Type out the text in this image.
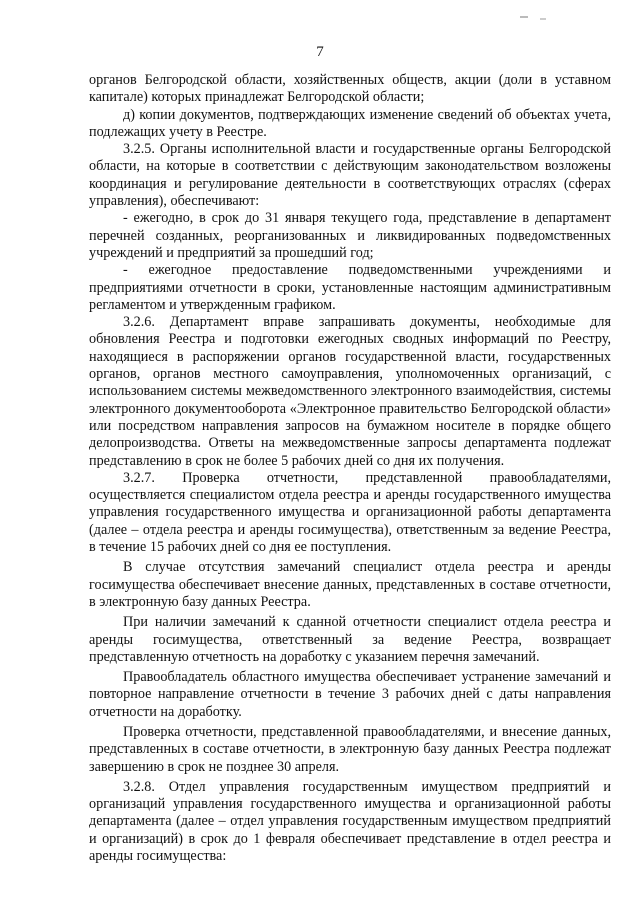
7

органов Белгородской области, хозяйственных обществ, акции (доли в уставном капитале) которых принадлежат Белгородской области;

д) копии документов, подтверждающих изменение сведений об объектах учета, подлежащих учету в Реестре.

3.2.5. Органы исполнительной власти и государственные органы Белгородской области, на которые в соответствии с действующим законодательством возложены координация и регулирование деятельности в соответствующих отраслях (сферах управления), обеспечивают:

- ежегодно, в срок до 31 января текущего года, представление в департамент перечней созданных, реорганизованных и ликвидированных подведомственных учреждений и предприятий за прошедший год;

- ежегодное предоставление подведомственными учреждениями и предприятиями отчетности в сроки, установленные настоящим административным регламентом и утвержденным графиком.

3.2.6. Департамент вправе запрашивать документы, необходимые для обновления Реестра и подготовки ежегодных сводных информаций по Реестру, находящиеся в распоряжении органов государственной власти, государственных органов, органов местного самоуправления, уполномоченных организаций, с использованием системы межведомственного электронного взаимодействия, системы электронного документооборота «Электронное правительство Белгородской области» или посредством направления запросов на бумажном носителе в порядке общего делопроизводства. Ответы на межведомственные запросы департамента подлежат представлению в срок не более 5 рабочих дней со дня их получения.

3.2.7. Проверка отчетности, представленной правообладателями, осуществляется специалистом отдела реестра и аренды государственного имущества управления государственного имущества и организационной работы департамента (далее – отдела реестра и аренды госимущества), ответственным за ведение Реестра, в течение 15 рабочих дней со дня ее поступления.

В случае отсутствия замечаний специалист отдела реестра и аренды госимущества обеспечивает внесение данных, представленных в составе отчетности, в электронную базу данных Реестра.

При наличии замечаний к сданной отчетности специалист отдела реестра и аренды госимущества, ответственный за ведение Реестра, возвращает представленную отчетность на доработку с указанием перечня замечаний.

Правообладатель областного имущества обеспечивает устранение замечаний и повторное направление отчетности в течение 3 рабочих дней с даты направления отчетности на доработку.

Проверка отчетности, представленной правообладателями, и внесение данных, представленных в составе отчетности, в электронную базу данных Реестра подлежат завершению в срок не позднее 30 апреля.

3.2.8. Отдел управления государственным имуществом предприятий и организаций управления государственного имущества и организационной работы департамента (далее – отдел управления государственным имуществом предприятий и организаций) в срок до 1 февраля обеспечивает представление в отдел реестра и аренды госимущества:
